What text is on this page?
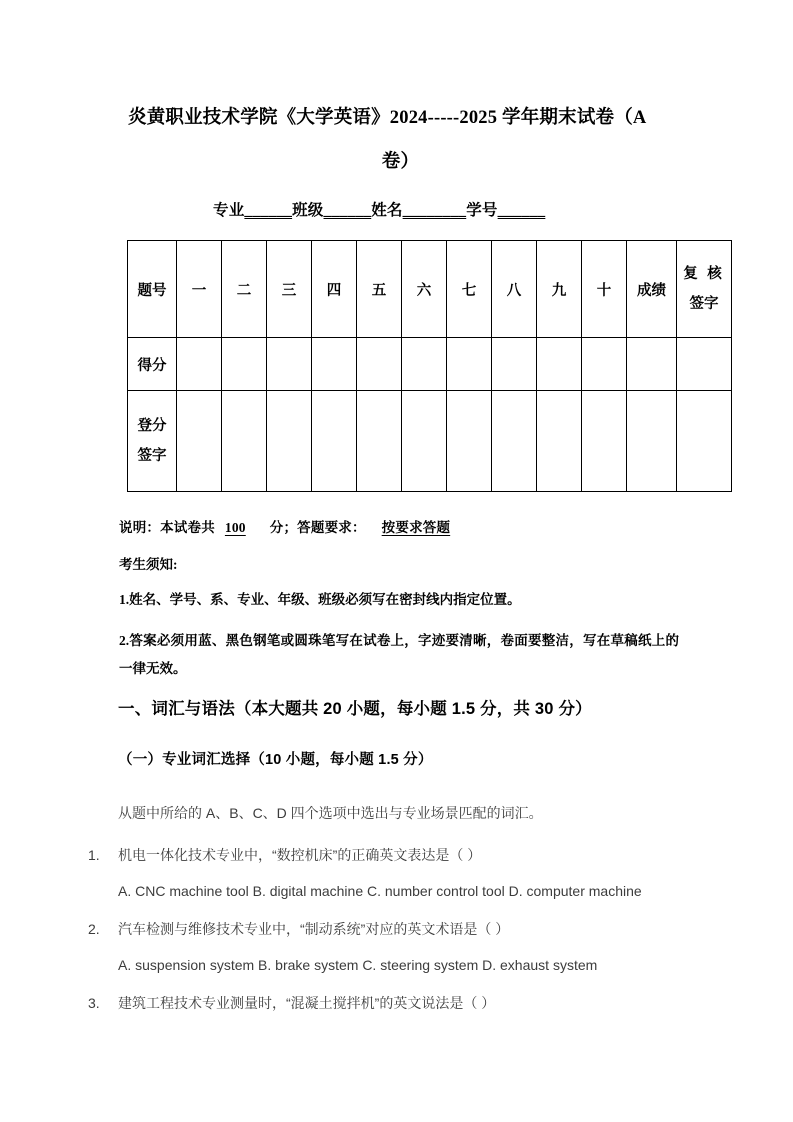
炎黄职业技术学院《大学英语》2024-----2025 学年期末试卷（A
卷）
专业______班级______姓名________学号______
题号	一	二	三	四	五	六	七	八	九	十	成绩	复 核
签字

得分												

登分
签字												

说明：本试卷共 100 分；答题要求： 按要求答题
考生须知:
1.姓名、学号、系、专业、年级、班级必须写在密封线内指定位置。
2.答案必须用蓝、黑色钢笔或圆珠笔写在试卷上，字迹要清晰，卷面要整洁，写在草稿纸上的一律无效。
一、词汇与语法（本大题共 20 小题，每小题 1.5 分，共 30 分）
（一）专业词汇选择（10 小题，每小题 1.5 分）
从题中所给的 A、B、C、D 四个选项中选出与专业场景匹配的词汇。
1.	机电一体化技术专业中，“数控机床”的正确英文表达是（ ）
A. CNC machine tool B. digital machine C. number control tool D. computer machine
2.	汽车检测与维修技术专业中，“制动系统”对应的英文术语是（ ）
A. suspension system B. brake system C. steering system D. exhaust system
3.	建筑工程技术专业测量时，“混凝土搅拌机”的英文说法是（ ）
